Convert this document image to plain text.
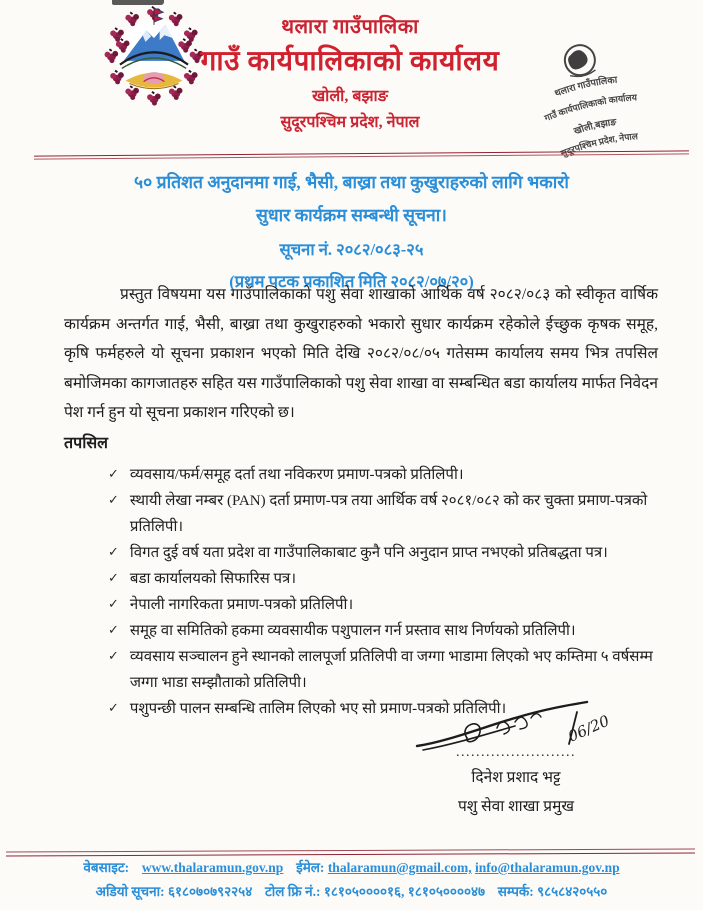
थलारा गाउँपालिका
गाउँ कार्यपालिकाको कार्यालय
खोली, बझाङ
सुदूरपश्चिम प्रदेश, नेपाल
थलारा गाउँपालिका
गाउँ कार्यपालिकाको कार्यालय
खोली,बझाङ
सुदूरपश्चिम प्रदेश, नेपाल
५० प्रतिशत अनुदानमा गाई, भैसी, बाख्रा तथा कुखुराहरुको लागि भकारो
सुधार कार्यक्रम सम्बन्धी सूचना।
सूचना नं. २०८२/०८३-२५
(प्रथम पटक प्रकाशित मिति २०८२/०७/२०)

प्रस्तुत विषयमा यस गाउँपालिकाको पशु सेवा शाखाको आर्थिक वर्ष २०८२/०८३ को स्वीकृत वार्षिक कार्यक्रम अन्तर्गत गाई, भैसी, बाख्रा तथा कुखुराहरुको भकारो सुधार कार्यक्रम रहेकोले ईच्छुक कृषक समूह, कृषि फर्महरुले यो सूचना प्रकाशन भएको मिति देखि २०८२/०८/०५ गतेसम्म कार्यालय समय भित्र तपसिल बमोजिमका कागजातहरु सहित यस गाउँपालिकाको पशु सेवा शाखा वा सम्बन्धित बडा कार्यालय मार्फत निवेदन पेश गर्न हुन यो सूचना प्रकाशन गरिएको छ।

तपसिल
✓ व्यवसाय/फर्म/समूह दर्ता तथा नविकरण प्रमाण-पत्रको प्रतिलिपी।
✓ स्थायी लेखा नम्बर (PAN) दर्ता प्रमाण-पत्र तया आर्थिक वर्ष २०८१/०८२ को कर चुक्ता प्रमाण-पत्रको प्रतिलिपी।
✓ विगत दुई वर्ष यता प्रदेश वा गाउँपालिकाबाट कुनै पनि अनुदान प्राप्त नभएको प्रतिबद्धता पत्र।
✓ बडा कार्यालयको सिफारिस पत्र।
✓ नेपाली नागरिकता प्रमाण-पत्रको प्रतिलिपी।
✓ समूह वा समितिको हकमा व्यवसायीक पशुपालन गर्न प्रस्ताव साथ निर्णयको प्रतिलिपी।
✓ व्यवसाय सञ्चालन हुने स्थानको लालपूर्जा प्रतिलिपी वा जग्गा भाडामा लिएको भए कम्तिमा ५ वर्षसम्म जग्गा भाडा सम्झौताको प्रतिलिपी।
✓ पशुपन्छी पालन सम्बन्धि तालिम लिएको भए सो प्रमाण-पत्रको प्रतिलिपी।
06/20
........................
दिनेश प्रशाद भट्ट
पशु सेवा शाखा प्रमुख
वेबसाइट: www.thalaramun.gov.np ईमेल: thalaramun@gmail.com, info@thalaramun.gov.np
अडियो सूचना: ६१८०७०७९२२५४ टोल फ्रि नं.: १८१०५००००१६, १८१०५००००४७ सम्पर्क: ९८५८४२०५५०
